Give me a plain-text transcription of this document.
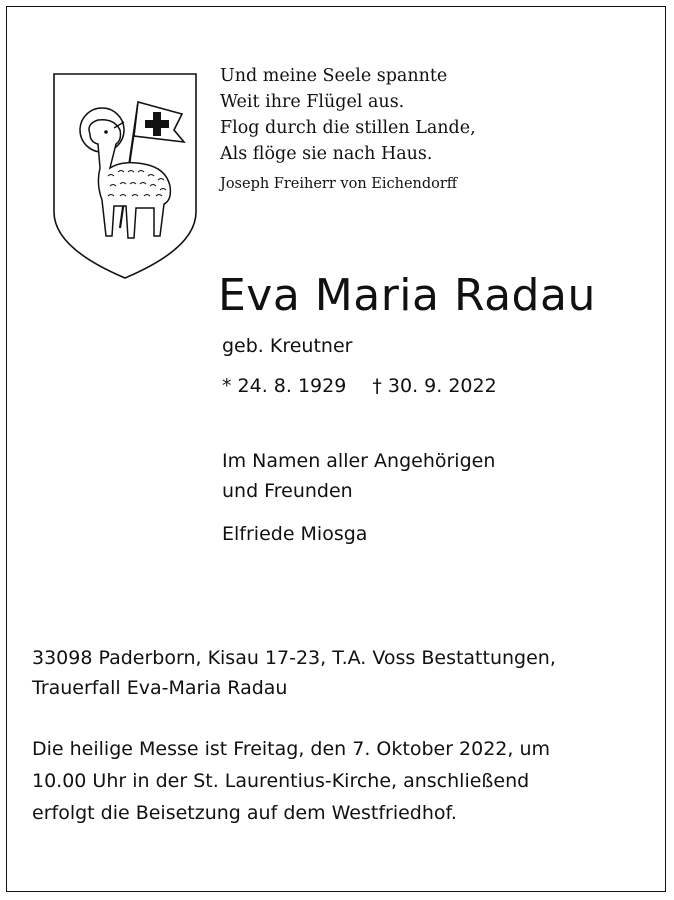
Und meine Seele spannte
Weit ihre Flügel aus.
Flog durch die stillen Lande,
Als flöge sie nach Haus.
Joseph Freiherr von Eichendorff
Eva Maria Radau
geb. Kreutner
* 24. 8. 1929 † 30. 9. 2022
Im Namen aller Angehörigen
und Freunden
Elfriede Miosga
33098 Paderborn, Kisau 17-23, T.A. Voss Bestattungen,
Trauerfall Eva-Maria Radau
Die heilige Messe ist Freitag, den 7. Oktober 2022, um
10.00 Uhr in der St. Laurentius-Kirche, anschließend
erfolgt die Beisetzung auf dem Westfriedhof.
